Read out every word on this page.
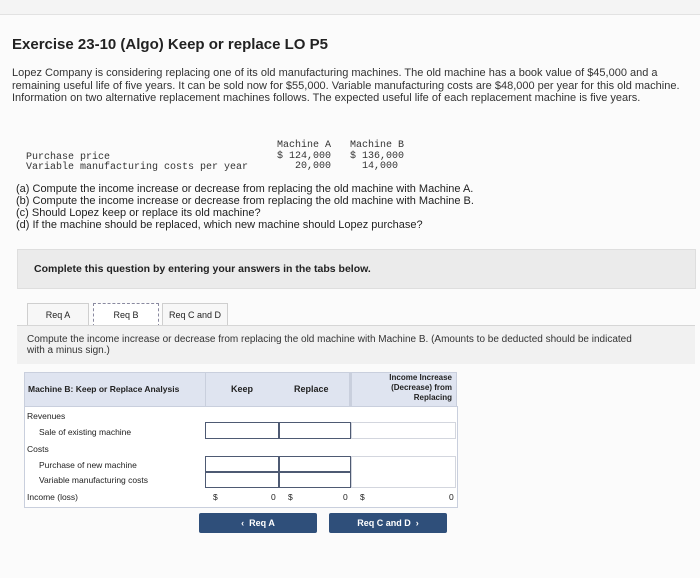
Exercise 23-10 (Algo) Keep or replace LO P5
Lopez Company is considering replacing one of its old manufacturing machines. The old machine has a book value of $45,000 and a remaining useful life of five years. It can be sold now for $55,000. Variable manufacturing costs are $48,000 per year for this old machine. Information on two alternative replacement machines follows. The expected useful life of each replacement machine is five years.
Machine A Machine B
Purchase price	$ 124,000 $ 136,000
Variable manufacturing costs per year	20,000	14,000
(a) Compute the income increase or decrease from replacing the old machine with Machine A.
(b) Compute the income increase or decrease from replacing the old machine with Machine B.
(c) Should Lopez keep or replace its old machine?
(d) If the machine should be replaced, which new machine should Lopez purchase?
Complete this question by entering your answers in the tabs below.
Req A	Req B	Req C and D
Compute the income increase or decrease from replacing the old machine with Machine B. (Amounts to be deducted should be indicated with a minus sign.)
Machine B: Keep or Replace Analysis	Keep	Replace
Income Increase (Decrease) from Replacing
Revenues
Sale of existing machine
Costs
Purchase of new machine
Variable manufacturing costs
Income (loss)	$	0 $	0 $	0
‹  Req A	Req C and D  ›
